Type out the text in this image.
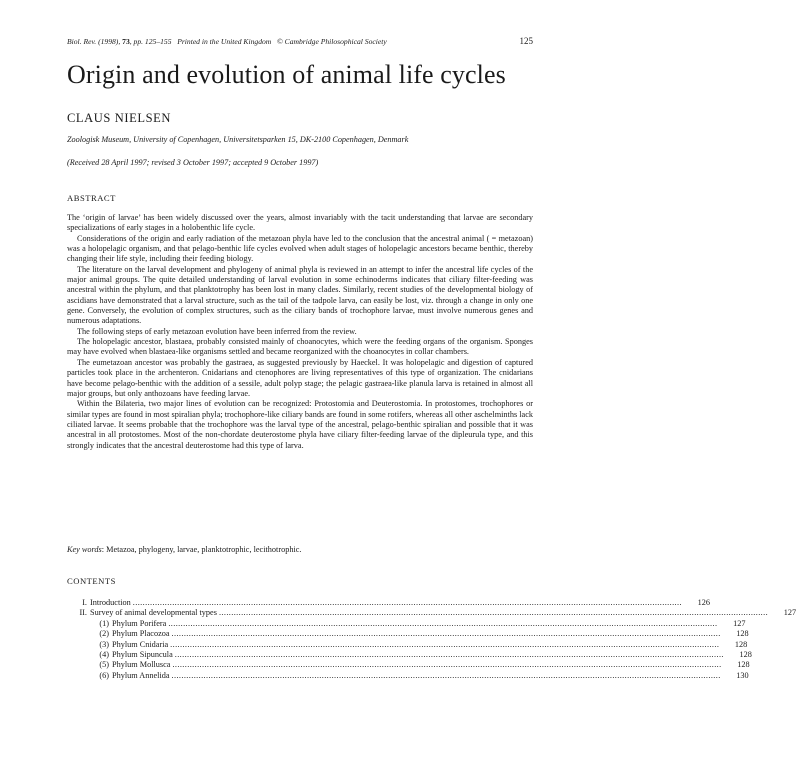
Biol. Rev. (1998), 73, pp. 125–155 Printed in the United Kingdom © Cambridge Philosophical Society	125
Origin and evolution of animal life cycles

CLAUS NIELSEN

Zoologisk Museum, University of Copenhagen, Universitetsparken 15, DK-2100 Copenhagen, Denmark

(Received 28 April 1997; revised 3 October 1997; accepted 9 October 1997)

ABSTRACT

The ‘origin of larvae’ has been widely discussed over the years, almost invariably with the tacit understanding that larvae are secondary specializations of early stages in a holobenthic life cycle.

Considerations of the origin and early radiation of the metazoan phyla have led to the conclusion that the ancestral animal ( = metazoan) was a holopelagic organism, and that pelago-benthic life cycles evolved when adult stages of holopelagic ancestors became benthic, thereby changing their life style, including their feeding biology.

The literature on the larval development and phylogeny of animal phyla is reviewed in an attempt to infer the ancestral life cycles of the major animal groups. The quite detailed understanding of larval evolution in some echinoderms indicates that ciliary filter-feeding was ancestral within the phylum, and that planktotrophy has been lost in many clades. Similarly, recent studies of the developmental biology of ascidians have demonstrated that a larval structure, such as the tail of the tadpole larva, can easily be lost, viz. through a change in only one gene. Conversely, the evolution of complex structures, such as the ciliary bands of trochophore larvae, must involve numerous genes and numerous adaptations.

The following steps of early metazoan evolution have been inferred from the review.

The holopelagic ancestor, blastaea, probably consisted mainly of choanocytes, which were the feeding organs of the organism. Sponges may have evolved when blastaea-like organisms settled and became reorganized with the choanocytes in collar chambers.

The eumetazoan ancestor was probably the gastraea, as suggested previously by Haeckel. It was holopelagic and digestion of captured particles took place in the archenteron. Cnidarians and ctenophores are living representatives of this type of organization. The cnidarians have become pelago-benthic with the addition of a sessile, adult polyp stage; the pelagic gastraea-like planula larva is retained in almost all major groups, but only anthozoans have feeding larvae.

Within the Bilateria, two major lines of evolution can be recognized: Protostomia and Deuterostomia. In protostomes, trochophores or similar types are found in most spiralian phyla; trochophore-like ciliary bands are found in some rotifers, whereas all other aschelminths lack ciliated larvae. It seems probable that the trochophore was the larval type of the ancestral, pelago-benthic spiralian and possible that it was ancestral in all protostomes. Most of the non-chordate deuterostome phyla have ciliary filter-feeding larvae of the dipleurula type, and this strongly indicates that the ancestral deuterostome had this type of larva.

Key words: Metazoa, phylogeny, larvae, planktotrophic, lecithotrophic.

CONTENTS
I. Introduction ...............................................................................................................................................................................................................................	126
II. Survey of animal developmental types ...............................................................................................................................................................................................................................	127
(1) Phylum Porifera ...............................................................................................................................................................................................................................	127
(2) Phylum Placozoa ...............................................................................................................................................................................................................................	128
(3) Phylum Cnidaria ...............................................................................................................................................................................................................................	128
(4) Phylum Sipuncula ...............................................................................................................................................................................................................................	128
(5) Phylum Mollusca ...............................................................................................................................................................................................................................	128
(6) Phylum Annelida ...............................................................................................................................................................................................................................	130
